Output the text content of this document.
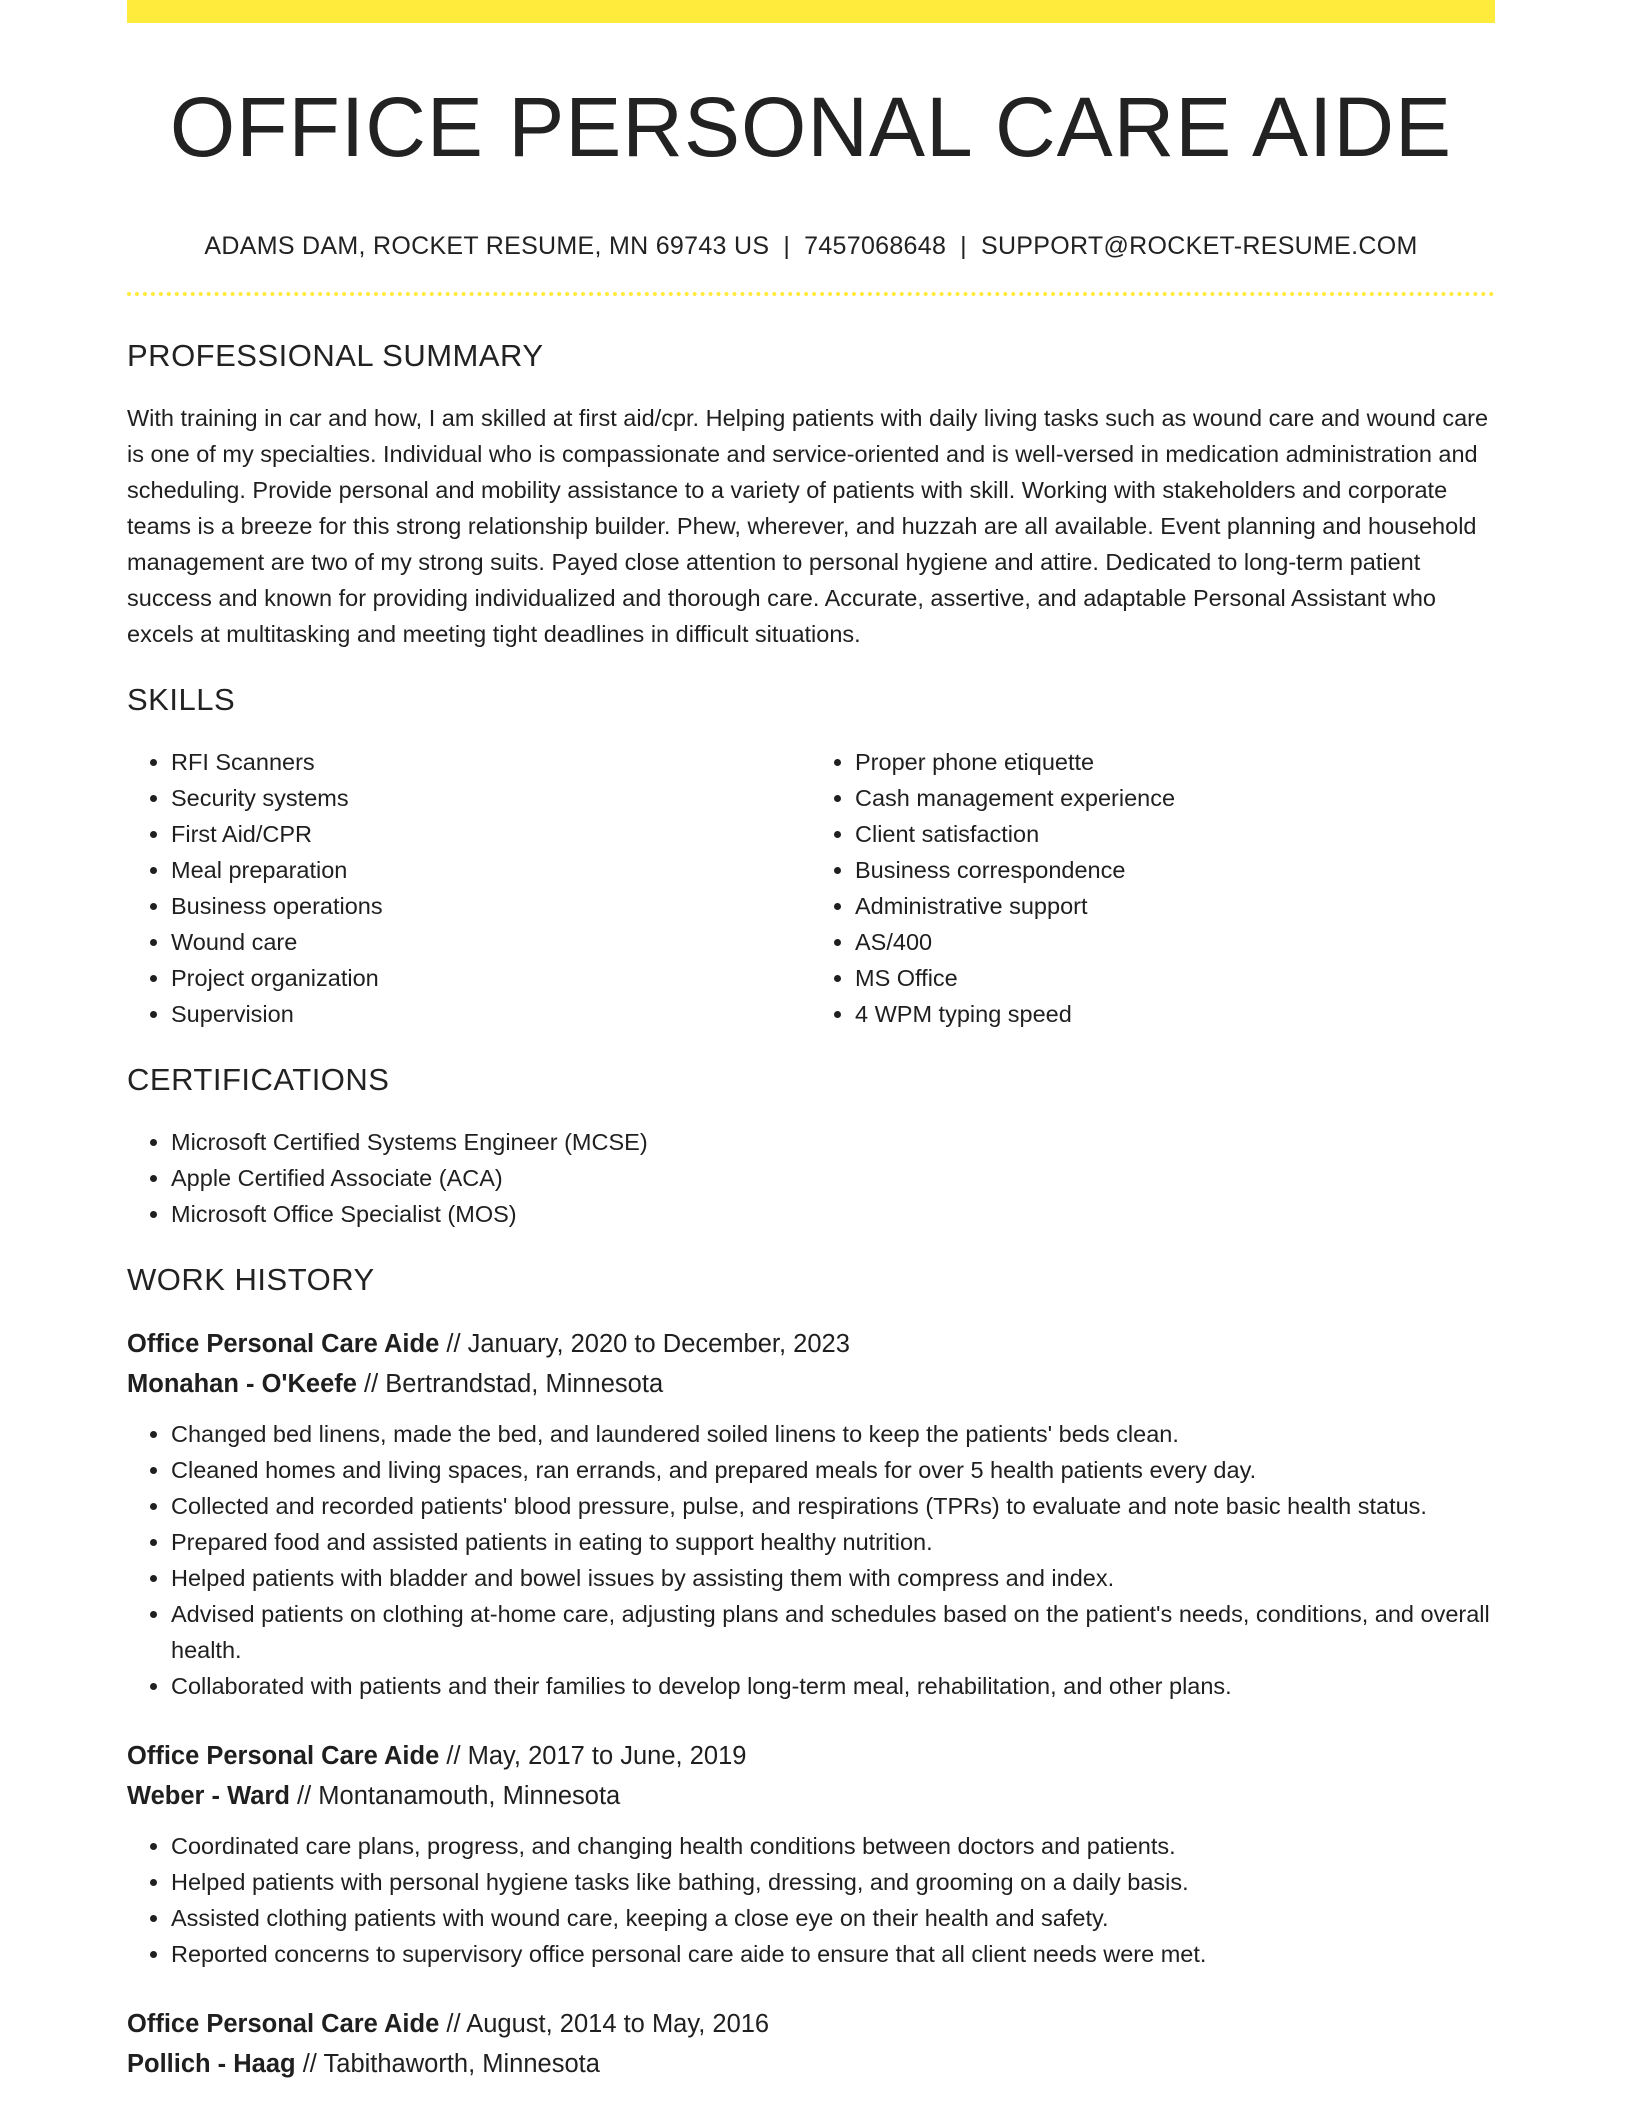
OFFICE PERSONAL CARE AIDE
ADAMS DAM, ROCKET RESUME, MN 69743 US | 7457068648 | SUPPORT@ROCKET-RESUME.COM
PROFESSIONAL SUMMARY

With training in car and how, I am skilled at first aid/cpr. Helping patients with daily living tasks such as wound care and wound care is one of my specialties. Individual who is compassionate and service-oriented and is well-versed in medication administration and scheduling. Provide personal and mobility assistance to a variety of patients with skill. Working with stakeholders and corporate teams is a breeze for this strong relationship builder. Phew, wherever, and huzzah are all available. Event planning and household management are two of my strong suits. Payed close attention to personal hygiene and attire. Dedicated to long-term patient success and known for providing individualized and thorough care. Accurate, assertive, and adaptable Personal Assistant who excels at multitasking and meeting tight deadlines in difficult situations.

SKILLS
• RFI Scanners
• Security systems
• First Aid/CPR
• Meal preparation
• Business operations
• Wound care
• Project organization
• Supervision
• Proper phone etiquette
• Cash management experience
• Client satisfaction
• Business correspondence
• Administrative support
• AS/400
• MS Office
• 4 WPM typing speed
CERTIFICATIONS
• Microsoft Certified Systems Engineer (MCSE)
• Apple Certified Associate (ACA)
• Microsoft Office Specialist (MOS)
WORK HISTORY
Office Personal Care Aide // January, 2020 to December, 2023
Monahan - O'Keefe // Bertrandstad, Minnesota
• Changed bed linens, made the bed, and laundered soiled linens to keep the patients' beds clean.
• Cleaned homes and living spaces, ran errands, and prepared meals for over 5 health patients every day.
• Collected and recorded patients' blood pressure, pulse, and respirations (TPRs) to evaluate and note basic health status.
• Prepared food and assisted patients in eating to support healthy nutrition.
• Helped patients with bladder and bowel issues by assisting them with compress and index.
• Advised patients on clothing at-home care, adjusting plans and schedules based on the patient's needs, conditions, and overall health.
• Collaborated with patients and their families to develop long-term meal, rehabilitation, and other plans.
Office Personal Care Aide // May, 2017 to June, 2019
Weber - Ward // Montanamouth, Minnesota
• Coordinated care plans, progress, and changing health conditions between doctors and patients.
• Helped patients with personal hygiene tasks like bathing, dressing, and grooming on a daily basis.
• Assisted clothing patients with wound care, keeping a close eye on their health and safety.
• Reported concerns to supervisory office personal care aide to ensure that all client needs were met.
Office Personal Care Aide // August, 2014 to May, 2016
Pollich - Haag // Tabithaworth, Minnesota
